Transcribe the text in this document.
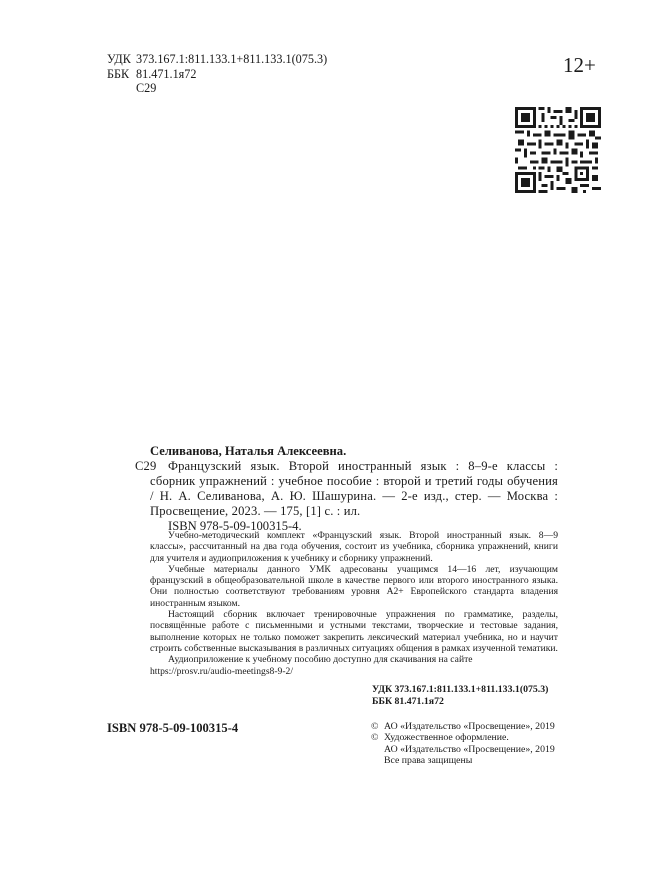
УДК 373.167.1:811.133.1+811.133.1(075.3)
ББК 81.471.1я72
С29
12+
Селиванова, Наталья Алексеевна.
С29 Французский язык. Второй иностранный язык : 8–9-е классы : сборник упражнений : учебное пособие : второй и третий годы обучения / Н. А. Селиванова, А. Ю. Шашурина. — 2-е изд., стер. — Москва : Просвещение, 2023. — 175, [1] с. : ил.
ISBN 978-5-09-100315-4.

Учебно-методический комплект «Французский язык. Второй иностранный язык. 8—9 классы», рассчитанный на два года обучения, состоит из учебника, сборника упражнений, книги для учителя и аудиоприложения к учебнику и сборнику упражнений.

Учебные материалы данного УМК адресованы учащимся 14—16 лет, изучающим французский в общеобразовательной школе в качестве первого или второго иностранного языка. Они полностью соответствуют требованиям уровня А2+ Европейского стандарта владения иностранным языком.

Настоящий сборник включает тренировочные упражнения по грамматике, разделы, посвящённые работе с письменными и устными текстами, творческие и тестовые задания, выполнение которых не только поможет закрепить лексический материал учебника, но и научит строить собственные высказывания в различных ситуациях общения в рамках изученной тематики.

Аудиоприложение к учебному пособию доступно для скачивания на сайте

https://prosv.ru/audio-meetings8-9-2/

УДК 373.167.1:811.133.1+811.133.1(075.3)
ББК 81.471.1я72
ISBN 978-5-09-100315-4	© АО «Издательство «Просвещение», 2019
© Художественное оформление.
АО «Издательство «Просвещение», 2019
Все права защищены
